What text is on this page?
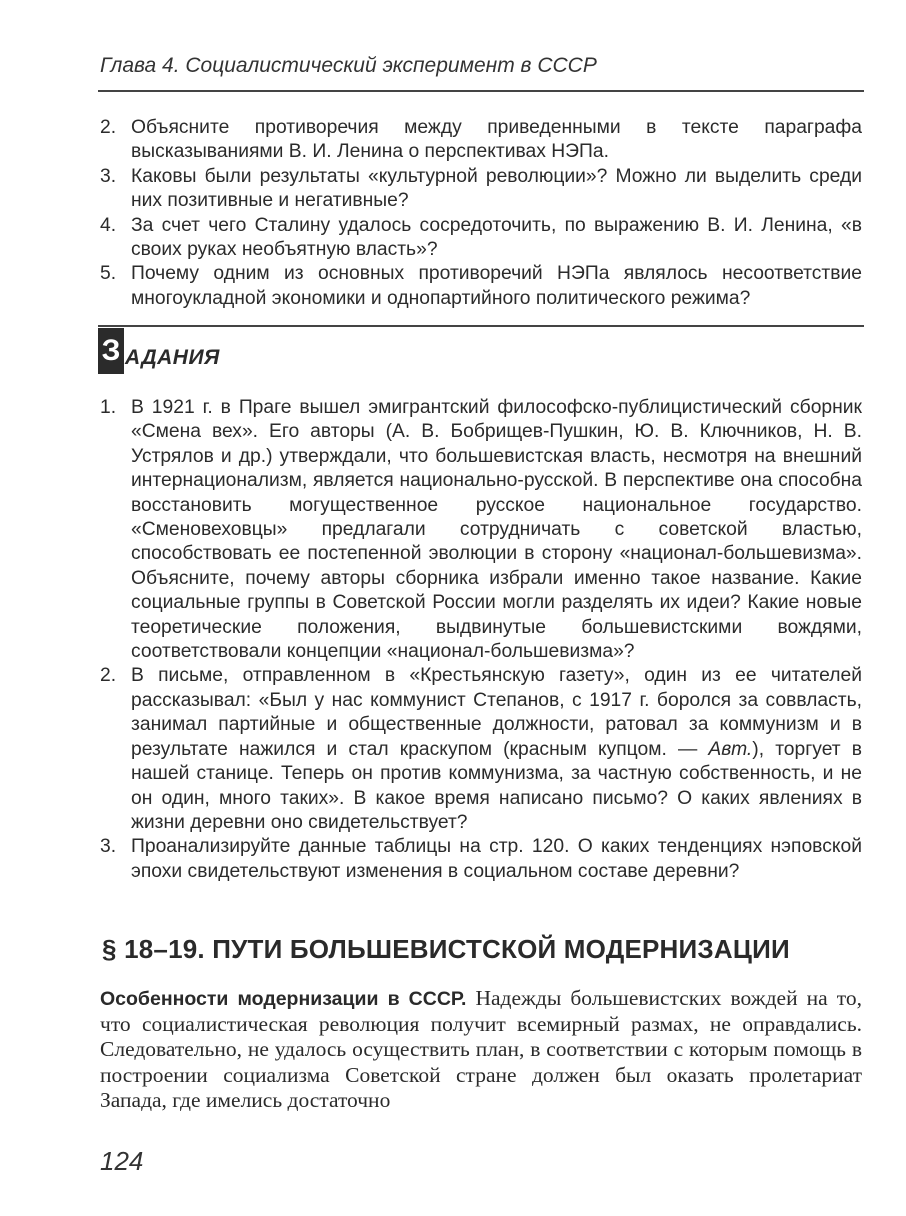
Глава 4. Социалистический эксперимент в СССР
2. Объясните противоречия между приведенными в тексте параграфа высказываниями В. И. Ленина о перспективах НЭПа.
3. Каковы были результаты «культурной революции»? Можно ли выделить среди них позитивные и негативные?
4. За счет чего Сталину удалось сосредоточить, по выражению В. И. Ленина, «в своих руках необъятную власть»?
5. Почему одним из основных противоречий НЭПа являлось несоответствие многоукладной экономики и однопартийного политического режима?
З АДАНИЯ
1. В 1921 г. в Праге вышел эмигрантский философско-публицистический сборник «Смена вех». Его авторы (А. В. Бобрищев-Пушкин, Ю. В. Ключников, Н. В. Устрялов и др.) утверждали, что большевистская власть, несмотря на внешний интернационализм, является национально-русской. В перспективе она способна восстановить могущественное русское национальное государство. «Сменовеховцы» предлагали сотрудничать с советской властью, способствовать ее постепенной эволюции в сторону «национал-большевизма». Объясните, почему авторы сборника избрали именно такое название. Какие социальные группы в Советской России могли разделять их идеи? Какие новые теоретические положения, выдвинутые большевистскими вождями, соответствовали концепции «национал-большевизма»?
2. В письме, отправленном в «Крестьянскую газету», один из ее читателей рассказывал: «Был у нас коммунист Степанов, с 1917 г. боролся за соввласть, занимал партийные и общественные должности, ратовал за коммунизм и в результате нажился и стал краскупом (красным купцом. — Авт.), торгует в нашей станице. Теперь он против коммунизма, за частную собственность, и не он один, много таких». В какое время написано письмо? О каких явлениях в жизни деревни оно свидетельствует?
3. Проанализируйте данные таблицы на стр. 120. О каких тенденциях нэповской эпохи свидетельствуют изменения в социальном составе деревни?
§ 18–19. ПУТИ БОЛЬШЕВИСТСКОЙ МОДЕРНИЗАЦИИ

Особенности модернизации в СССР. Надежды большевистских вождей на то, что социалистическая революция получит всемирный размах, не оправдались. Следовательно, не удалось осуществить план, в соответствии с которым помощь в построении социализма Советской стране должен был оказать пролетариат Запада, где имелись достаточно

124
